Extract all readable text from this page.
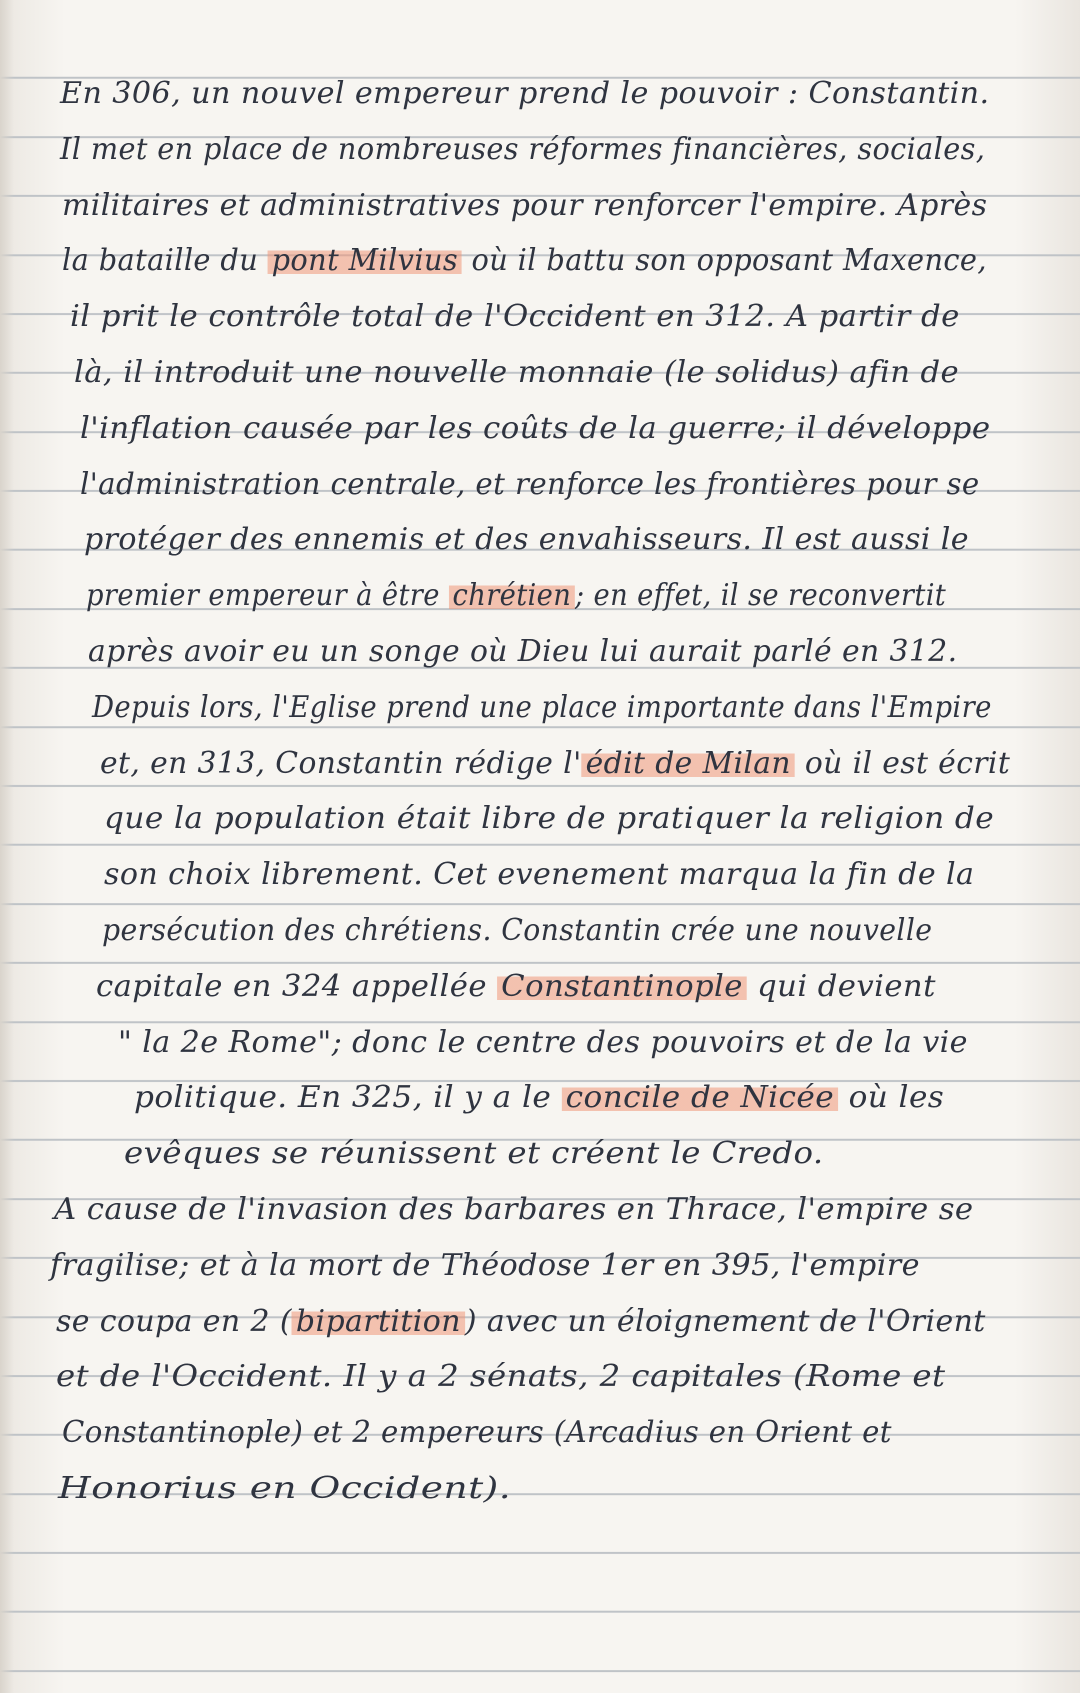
En 306, un nouvel empereur prend le pouvoir : Constantin.
Il met en place de nombreuses réformes financières, sociales,
militaires et administratives pour renforcer l'empire. Après
la bataille du pont Milvius où il battu son opposant Maxence,
il prit le contrôle total de l'Occident en 312. A partir de
là, il introduit une nouvelle monnaie (le solidus) afin de
l'inflation causée par les coûts de la guerre; il développe
l'administration centrale, et renforce les frontières pour se
protéger des ennemis et des envahisseurs. Il est aussi le
premier empereur à être chrétien ; en effet, il se reconvertit
après avoir eu un songe où Dieu lui aurait parlé en 312.
Depuis lors, l'Eglise prend une place importante dans l'Empire
et, en 313, Constantin rédige l' édit de Milan où il est écrit
que la population était libre de pratiquer la religion de
son choix librement. Cet evenement marqua la fin de la
persécution des chrétiens. Constantin crée une nouvelle
capitale en 324 appellée Constantinople qui devient
" la 2e Rome"; donc le centre des pouvoirs et de la vie
politique. En 325, il y a le concile de Nicée où les
evêques se réunissent et créent le Credo.
A cause de l'invasion des barbares en Thrace, l'empire se
fragilise; et à la mort de Théodose 1er en 395, l'empire
se coupa en 2 ( bipartition ) avec un éloignement de l'Orient
et de l'Occident. Il y a 2 sénats, 2 capitales (Rome et
Constantinople) et 2 empereurs (Arcadius en Orient et
Honorius en Occident).
